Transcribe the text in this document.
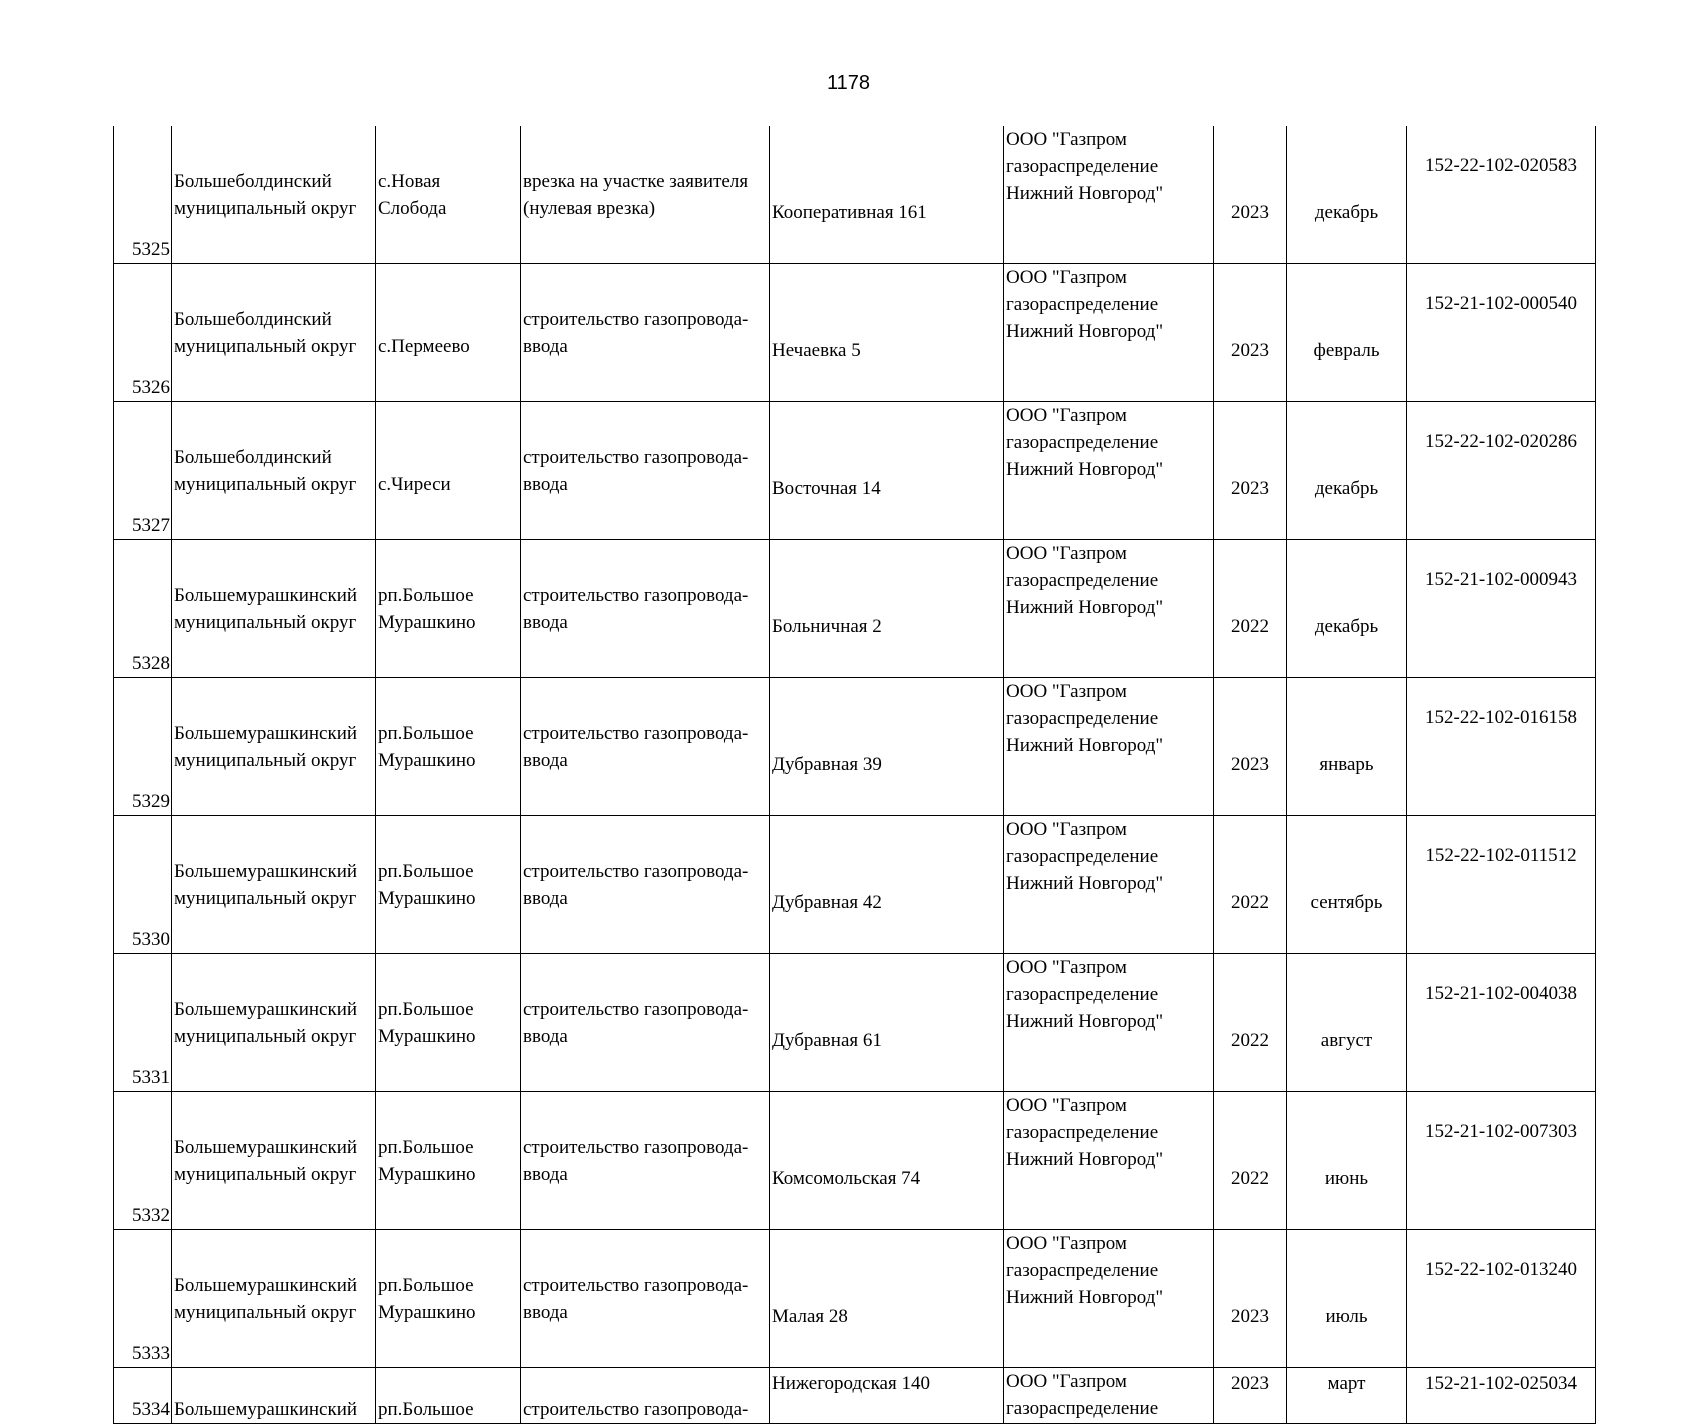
1178
5325	Большеболдинский
муниципальный округ	с.Новая
Слобода	врезка на участке заявителя
(нулевая врезка)	Кооперативная 161	ООО "Газпром
газораспределение
Нижний Новгород"	2023	декабрь	152-22-102-020583
5326	Большеболдинский
муниципальный округ	с.Пермеево	строительство газопровода-
ввода	Нечаевка 5	ООО "Газпром
газораспределение
Нижний Новгород"	2023	февраль	152-21-102-000540
5327	Большеболдинский
муниципальный округ	с.Чиреси	строительство газопровода-
ввода	Восточная 14	ООО "Газпром
газораспределение
Нижний Новгород"	2023	декабрь	152-22-102-020286
5328	Большемурашкинский
муниципальный округ	рп.Большое
Мурашкино	строительство газопровода-
ввода	Больничная 2	ООО "Газпром
газораспределение
Нижний Новгород"	2022	декабрь	152-21-102-000943
5329	Большемурашкинский
муниципальный округ	рп.Большое
Мурашкино	строительство газопровода-
ввода	Дубравная 39	ООО "Газпром
газораспределение
Нижний Новгород"	2023	январь	152-22-102-016158
5330	Большемурашкинский
муниципальный округ	рп.Большое
Мурашкино	строительство газопровода-
ввода	Дубравная 42	ООО "Газпром
газораспределение
Нижний Новгород"	2022	сентябрь	152-22-102-011512
5331	Большемурашкинский
муниципальный округ	рп.Большое
Мурашкино	строительство газопровода-
ввода	Дубравная 61	ООО "Газпром
газораспределение
Нижний Новгород"	2022	август	152-21-102-004038
5332	Большемурашкинский
муниципальный округ	рп.Большое
Мурашкино	строительство газопровода-
ввода	Комсомольская 74	ООО "Газпром
газораспределение
Нижний Новгород"	2022	июнь	152-21-102-007303
5333	Большемурашкинский
муниципальный округ	рп.Большое
Мурашкино	строительство газопровода-
ввода	Малая 28	ООО "Газпром
газораспределение
Нижний Новгород"	2023	июль	152-22-102-013240
5334	Большемурашкинский	рп.Большое	строительство газопровода-	Нижегородская 140	ООО "Газпром
газораспределение	2023	март	152-21-102-025034
